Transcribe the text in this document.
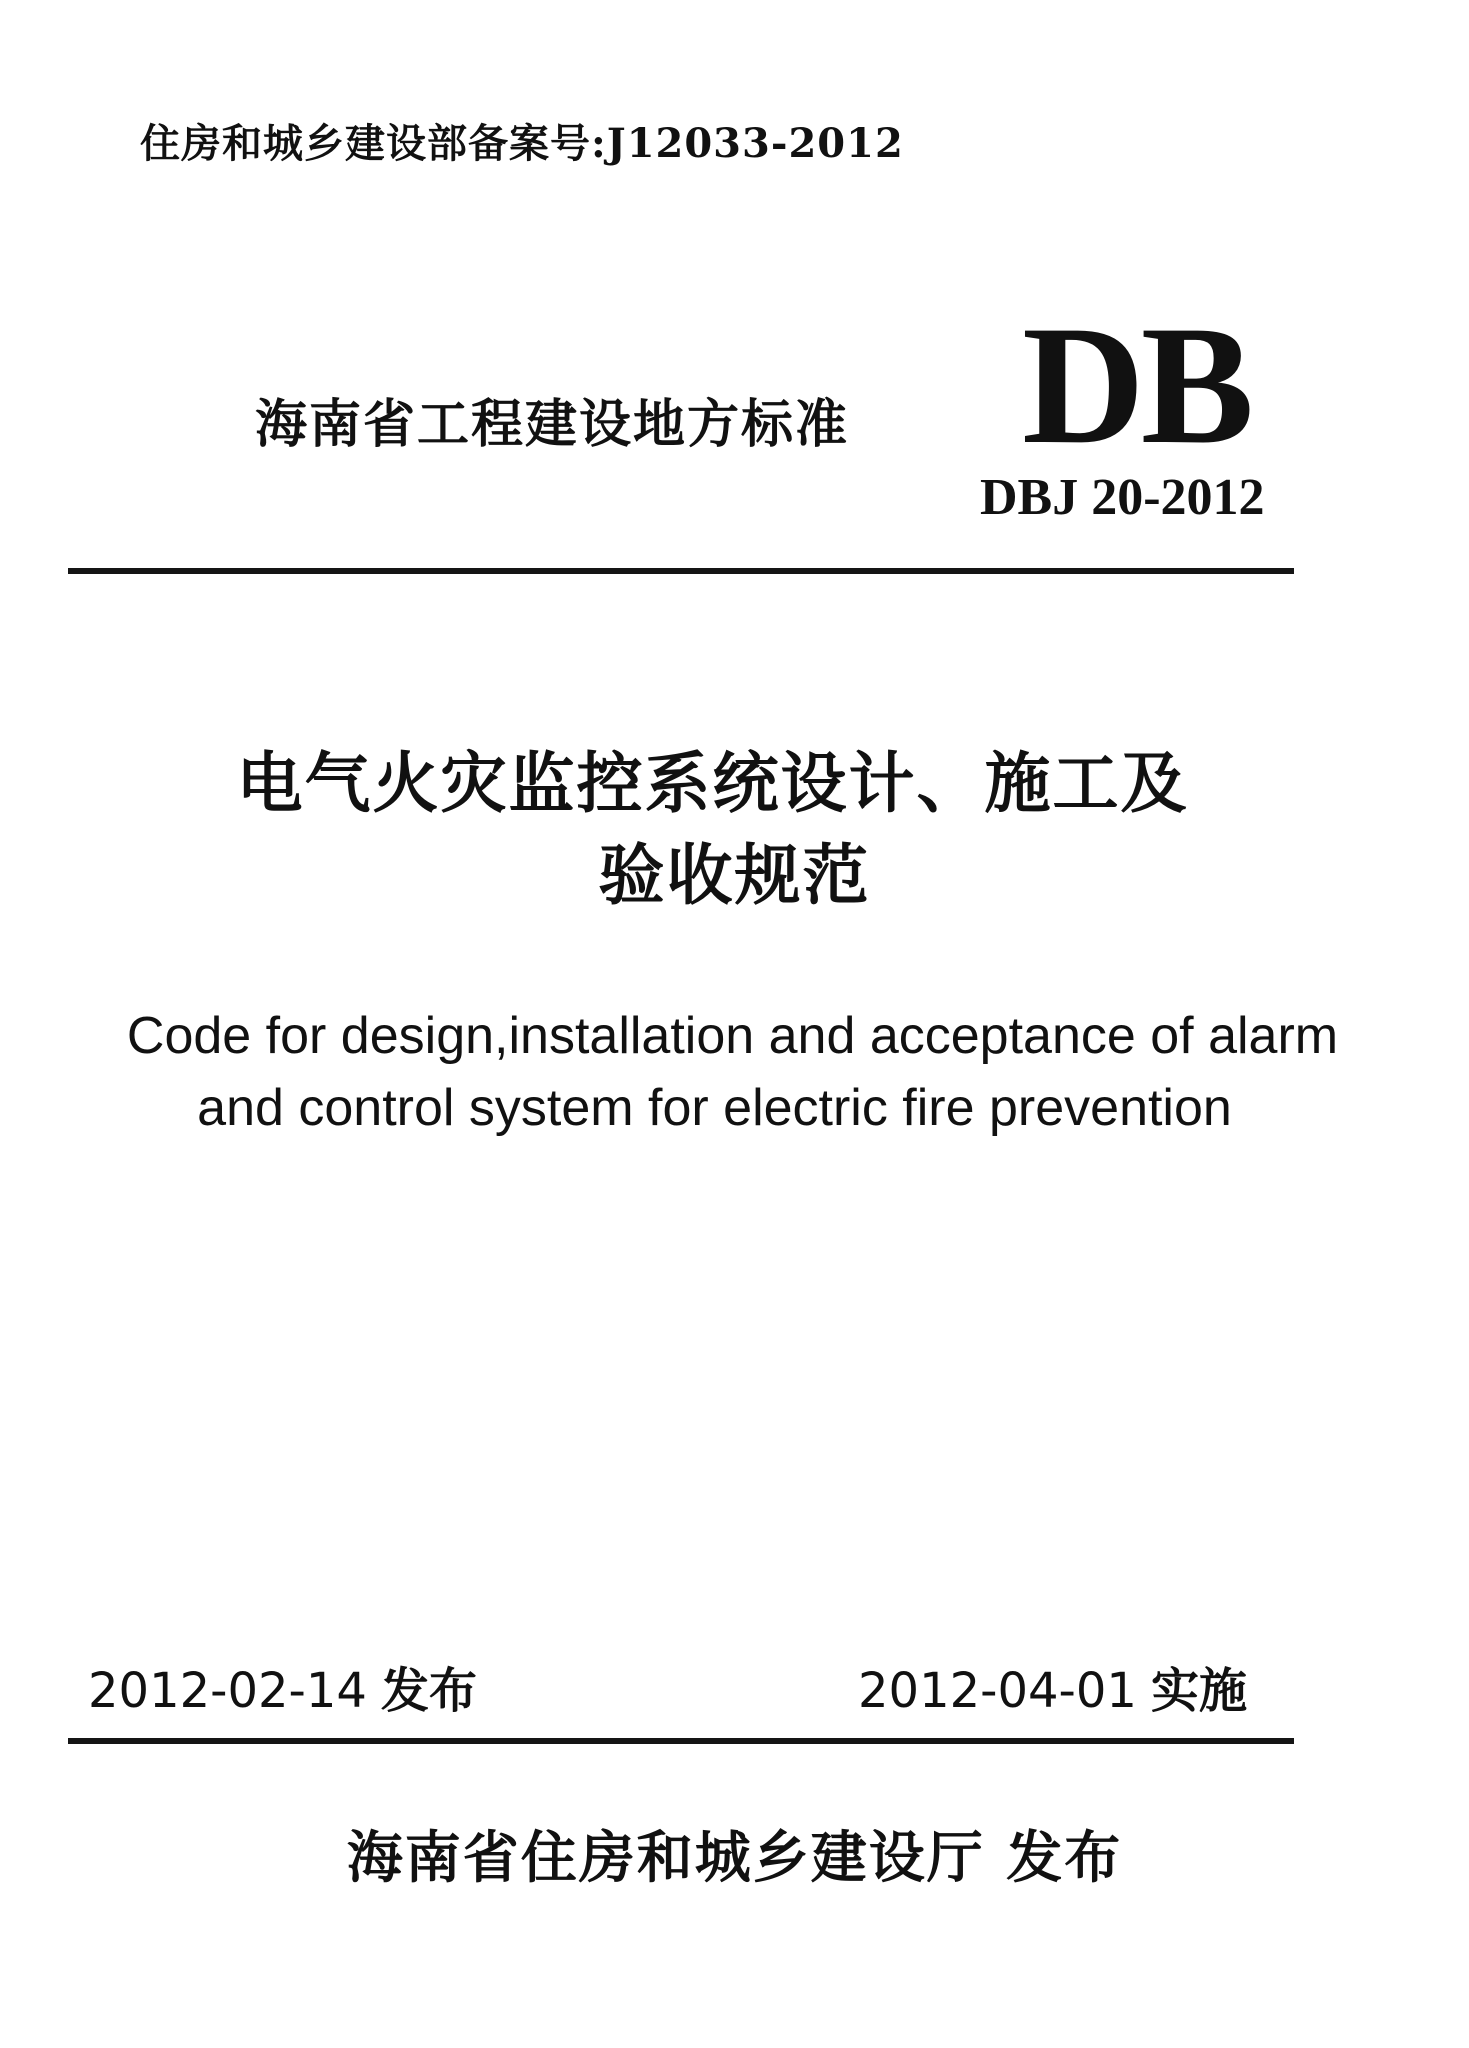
住房和城乡建设部备案号:J12033-2012
海南省工程建设地方标准 DB
DBJ 20-2012
电气火灾监控系统设计、施工及
验收规范
Code for design,installation and acceptance of alarm
and control system for electric fire prevention
2012-02-14 发布	2012-04-01 实施
海南省住房和城乡建设厅 发布
